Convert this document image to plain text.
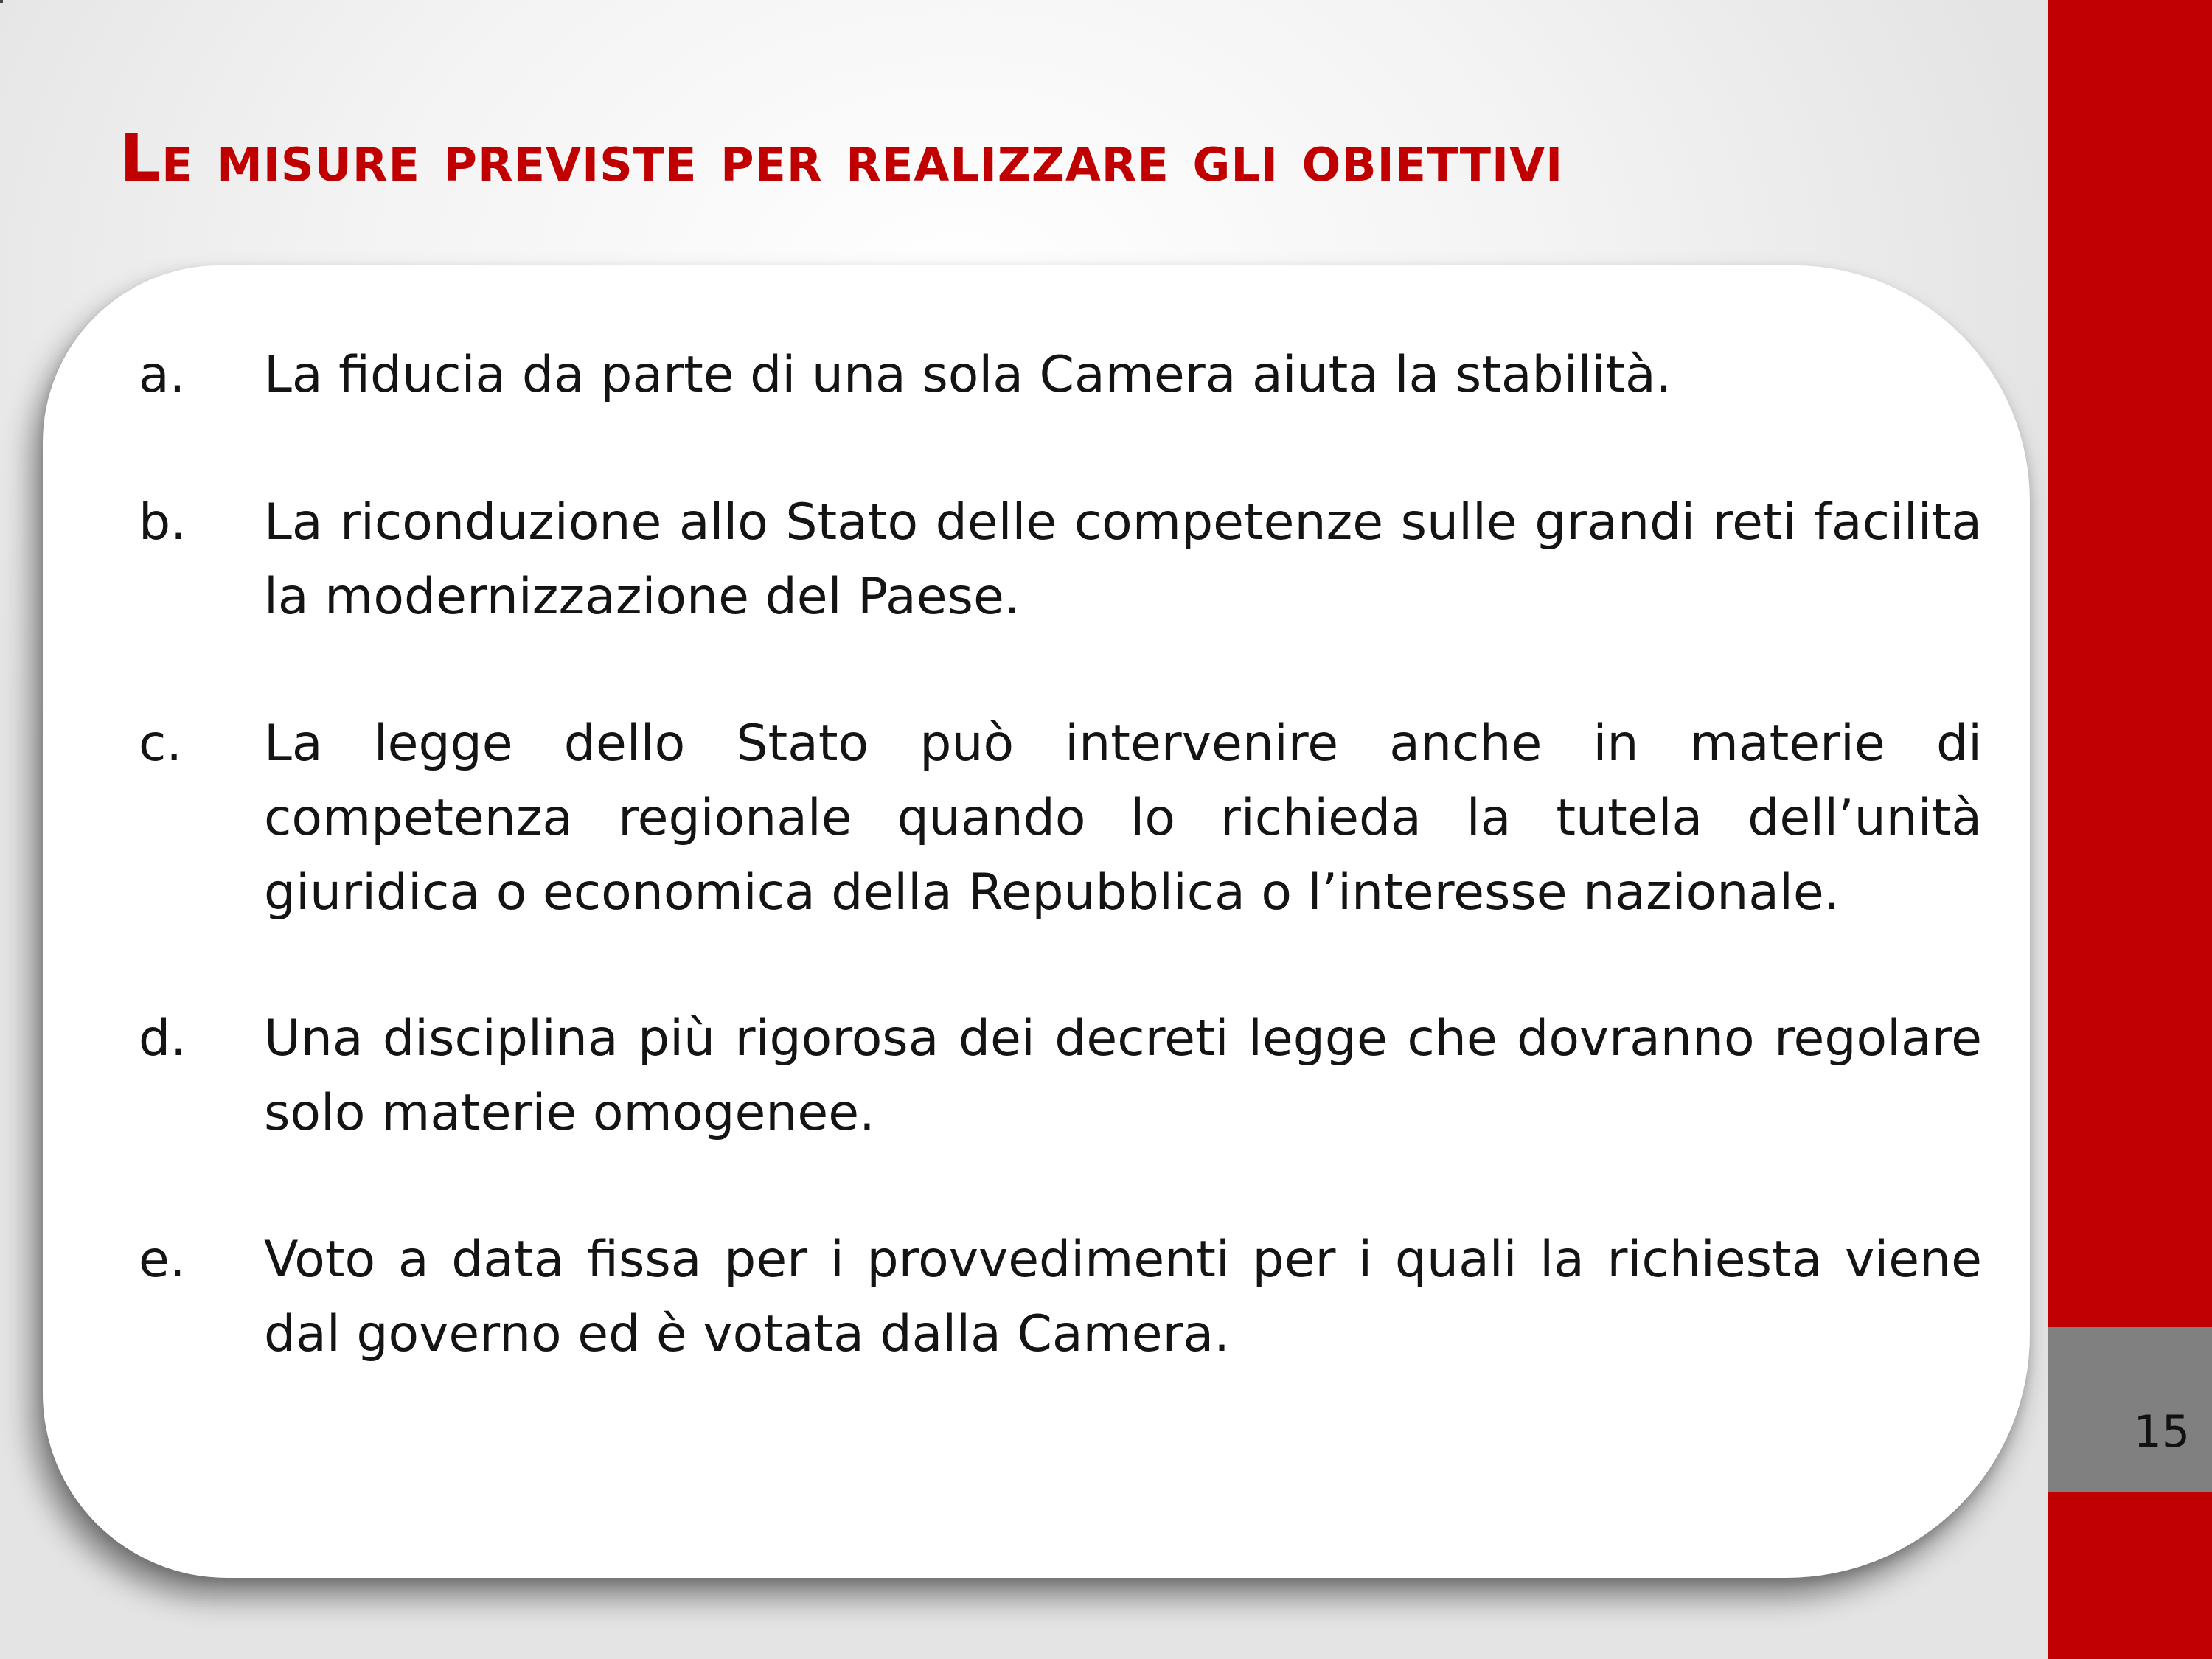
Le misure previste per realizzare gli obiettivi
a.	La fiducia da parte di una sola Camera aiuta la stabilità.
b.	La riconduzione allo Stato delle competenze sulle grandi reti facilita la modernizzazione del Paese.
c.	La legge dello Stato può intervenire anche in materie di competenza regionale quando lo richieda la tutela dell’unità giuridica o economica della Repubblica o l’interesse nazionale.
d.	Una disciplina più rigorosa dei decreti legge che dovranno regolare solo materie omogenee.
e.	Voto a data fissa per i provvedimenti per i quali la richiesta viene dal governo ed è votata dalla Camera.
15
